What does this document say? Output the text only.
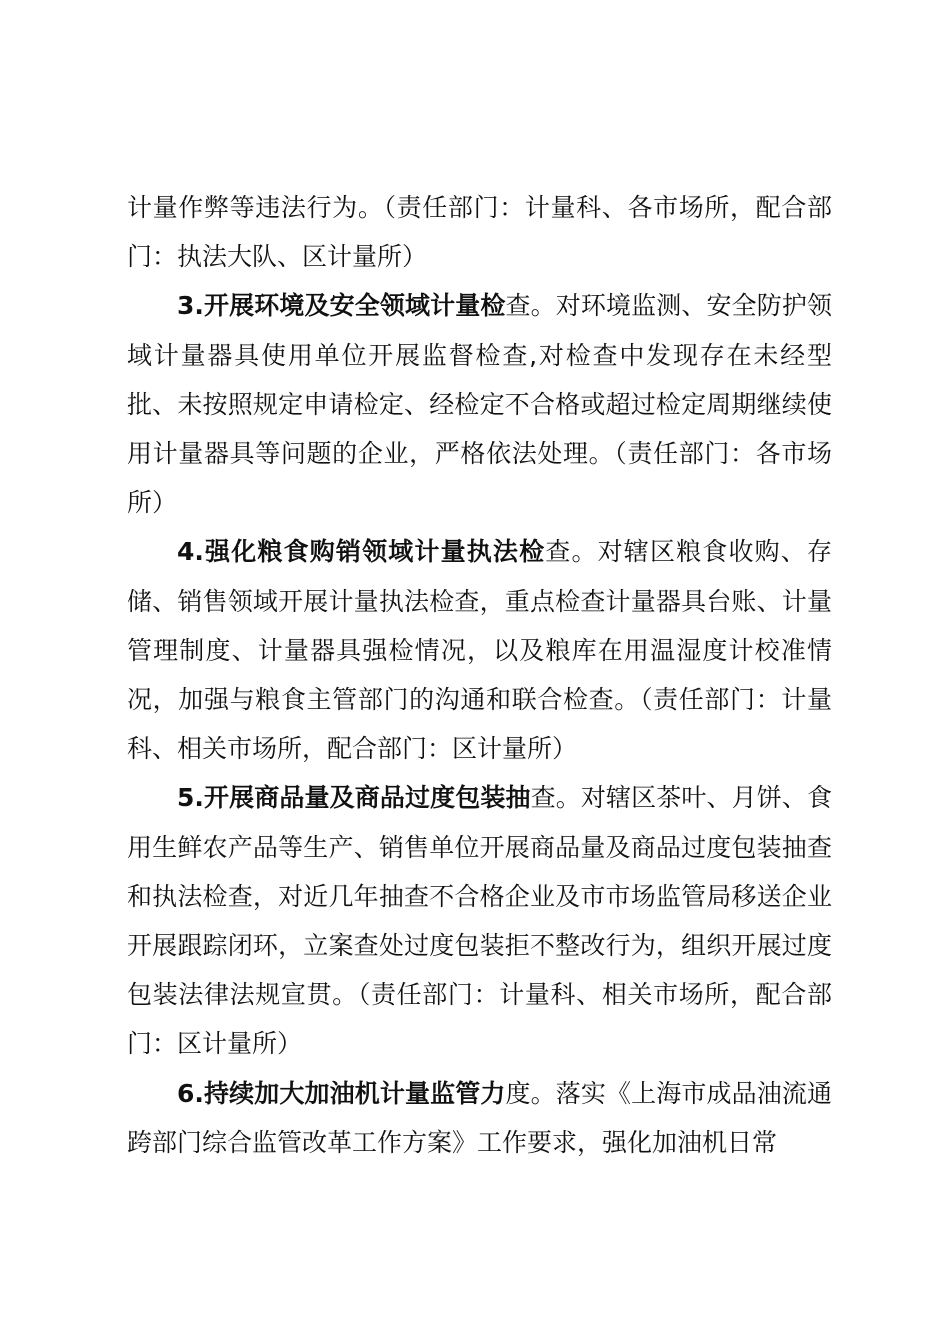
计量作弊等违法行为。（责任部门：计量科、各市场所，配合部门：执法大队、区计量所）

3.开展环境及安全领域计量检查。对环境监测、安全防护领域计量器具使用单位开展监督检查,对检查中发现存在未经型批、未按照规定申请检定、经检定不合格或超过检定周期继续使用计量器具等问题的企业，严格依法处理。（责任部门：各市场所）

4.强化粮食购销领域计量执法检查。对辖区粮食收购、存储、销售领域开展计量执法检查，重点检查计量器具台账、计量管理制度、计量器具强检情况，以及粮库在用温湿度计校准情况，加强与粮食主管部门的沟通和联合检查。（责任部门：计量科、相关市场所，配合部门：区计量所）

5.开展商品量及商品过度包装抽查。对辖区茶叶、月饼、食用生鲜农产品等生产、销售单位开展商品量及商品过度包装抽查和执法检查，对近几年抽查不合格企业及市市场监管局移送企业开展跟踪闭环，立案查处过度包装拒不整改行为，组织开展过度包装法律法规宣贯。（责任部门：计量科、相关市场所，配合部门：区计量所）

6.持续加大加油机计量监管力度。落实《上海市成品油流通跨部门综合监管改革工作方案》工作要求，强化加油机日常
